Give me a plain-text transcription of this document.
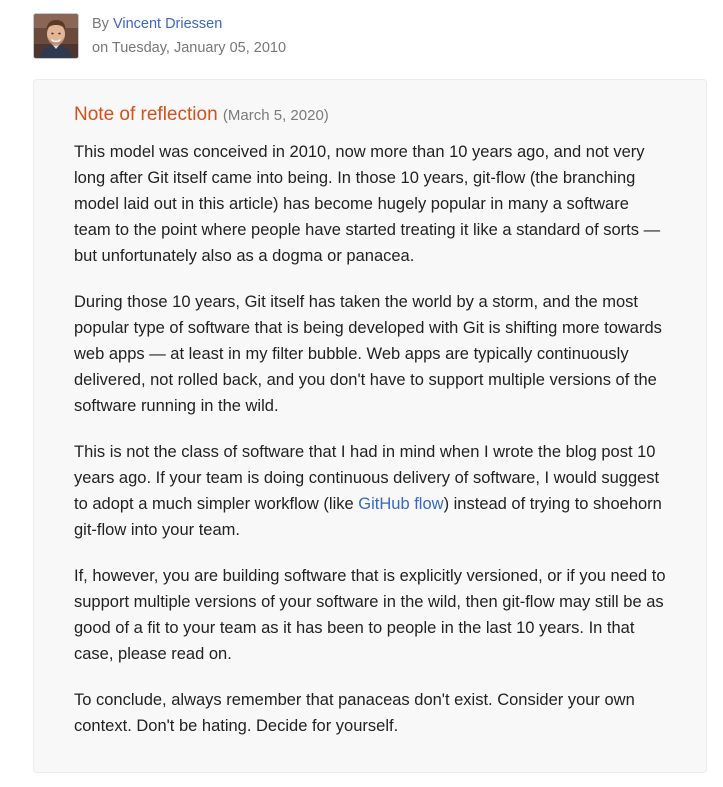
By Vincent Driessen
on Tuesday, January 05, 2010
Note of reflection (March 5, 2020)

This model was conceived in 2010, now more than 10 years ago, and not very long after Git itself came into being. In those 10 years, git-flow (the branching model laid out in this article) has become hugely popular in many a software team to the point where people have started treating it like a standard of sorts — but unfortunately also as a dogma or panacea.

During those 10 years, Git itself has taken the world by a storm, and the most popular type of software that is being developed with Git is shifting more towards web apps — at least in my filter bubble. Web apps are typically continuously delivered, not rolled back, and you don't have to support multiple versions of the software running in the wild.

This is not the class of software that I had in mind when I wrote the blog post 10 years ago. If your team is doing continuous delivery of software, I would suggest to adopt a much simpler workflow (like GitHub flow) instead of trying to shoehorn git-flow into your team.

If, however, you are building software that is explicitly versioned, or if you need to support multiple versions of your software in the wild, then git-flow may still be as good of a fit to your team as it has been to people in the last 10 years. In that case, please read on.

To conclude, always remember that panaceas don't exist. Consider your own context. Don't be hating. Decide for yourself.
